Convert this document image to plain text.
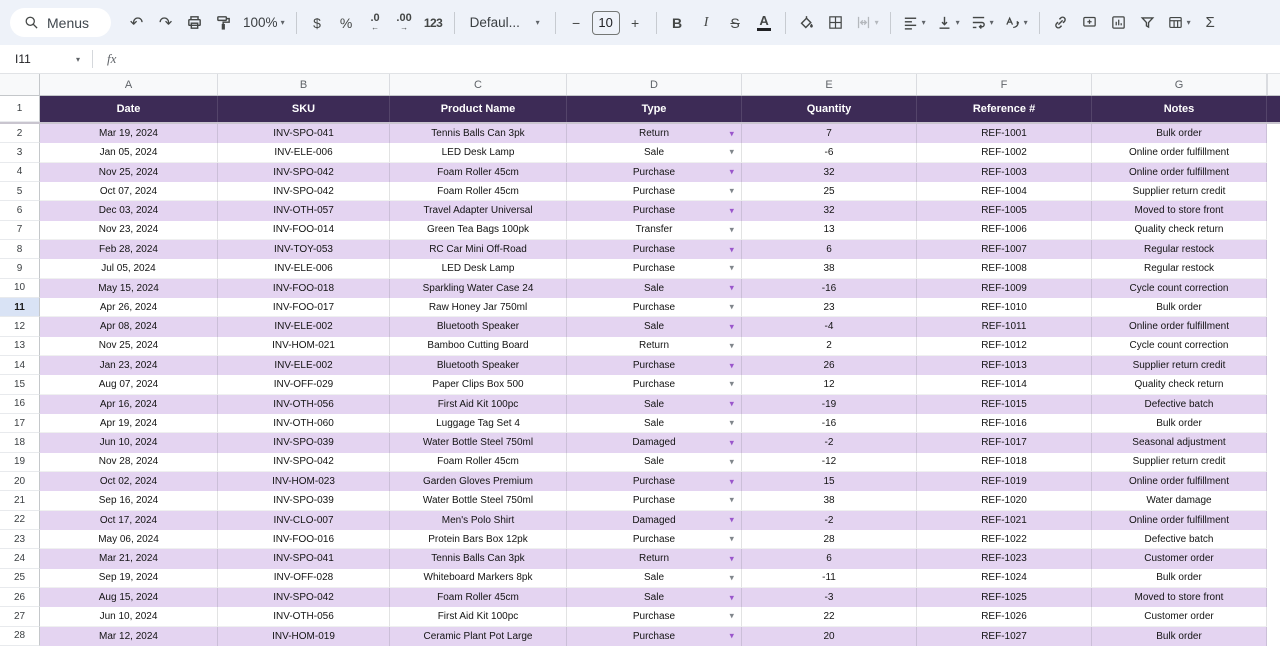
Menus	↶ ↷	100% ▾	$	%	.0
←
.00
→	123	Defaul... ▾	−	10	+	B	I	S	A	▾	▾	▾	▾	▾	▾ Σ
I11	▾ fx
A	B	C	D	E	F	G
1	Date	SKU	Product Name	Type	Quantity	Reference #	Notes
2	Mar 19, 2024	INV-SPO-041	Tennis Balls Can 3pk	Return	▾	7	REF-1001	Bulk order
3	Jan 05, 2024	INV-ELE-006	LED Desk Lamp	Sale	▾	-6	REF-1002	Online order fulfillment
4	Nov 25, 2024	INV-SPO-042	Foam Roller 45cm	Purchase	▾	32	REF-1003	Online order fulfillment
5	Oct 07, 2024	INV-SPO-042	Foam Roller 45cm	Purchase	▾	25	REF-1004	Supplier return credit
6	Dec 03, 2024	INV-OTH-057	Travel Adapter Universal	Purchase	▾	32	REF-1005	Moved to store front
7	Nov 23, 2024	INV-FOO-014	Green Tea Bags 100pk	Transfer	▾	13	REF-1006	Quality check return
8	Feb 28, 2024	INV-TOY-053	RC Car Mini Off-Road	Purchase	▾	6	REF-1007	Regular restock
9	Jul 05, 2024	INV-ELE-006	LED Desk Lamp	Purchase	▾	38	REF-1008	Regular restock
10	May 15, 2024	INV-FOO-018	Sparkling Water Case 24	Sale	▾	-16	REF-1009	Cycle count correction
11	Apr 26, 2024	INV-FOO-017	Raw Honey Jar 750ml	Purchase	▾	23	REF-1010	Bulk order
12	Apr 08, 2024	INV-ELE-002	Bluetooth Speaker	Sale	▾	-4	REF-1011	Online order fulfillment
13	Nov 25, 2024	INV-HOM-021	Bamboo Cutting Board	Return	▾	2	REF-1012	Cycle count correction
14	Jan 23, 2024	INV-ELE-002	Bluetooth Speaker	Purchase	▾	26	REF-1013	Supplier return credit
15	Aug 07, 2024	INV-OFF-029	Paper Clips Box 500	Purchase	▾	12	REF-1014	Quality check return
16	Apr 16, 2024	INV-OTH-056	First Aid Kit 100pc	Sale	▾	-19	REF-1015	Defective batch
17	Apr 19, 2024	INV-OTH-060	Luggage Tag Set 4	Sale	▾	-16	REF-1016	Bulk order
18	Jun 10, 2024	INV-SPO-039	Water Bottle Steel 750ml	Damaged	▾	-2	REF-1017	Seasonal adjustment
19	Nov 28, 2024	INV-SPO-042	Foam Roller 45cm	Sale	▾	-12	REF-1018	Supplier return credit
20	Oct 02, 2024	INV-HOM-023	Garden Gloves Premium	Purchase	▾	15	REF-1019	Online order fulfillment
21	Sep 16, 2024	INV-SPO-039	Water Bottle Steel 750ml	Purchase	▾	38	REF-1020	Water damage
22	Oct 17, 2024	INV-CLO-007	Men's Polo Shirt	Damaged	▾	-2	REF-1021	Online order fulfillment
23	May 06, 2024	INV-FOO-016	Protein Bars Box 12pk	Purchase	▾	28	REF-1022	Defective batch
24	Mar 21, 2024	INV-SPO-041	Tennis Balls Can 3pk	Return	▾	6	REF-1023	Customer order
25	Sep 19, 2024	INV-OFF-028	Whiteboard Markers 8pk	Sale	▾	-11	REF-1024	Bulk order
26	Aug 15, 2024	INV-SPO-042	Foam Roller 45cm	Sale	▾	-3	REF-1025	Moved to store front
27	Jun 10, 2024	INV-OTH-056	First Aid Kit 100pc	Purchase	▾	22	REF-1026	Customer order
28	Mar 12, 2024	INV-HOM-019	Ceramic Plant Pot Large	Purchase	▾	20	REF-1027	Bulk order
